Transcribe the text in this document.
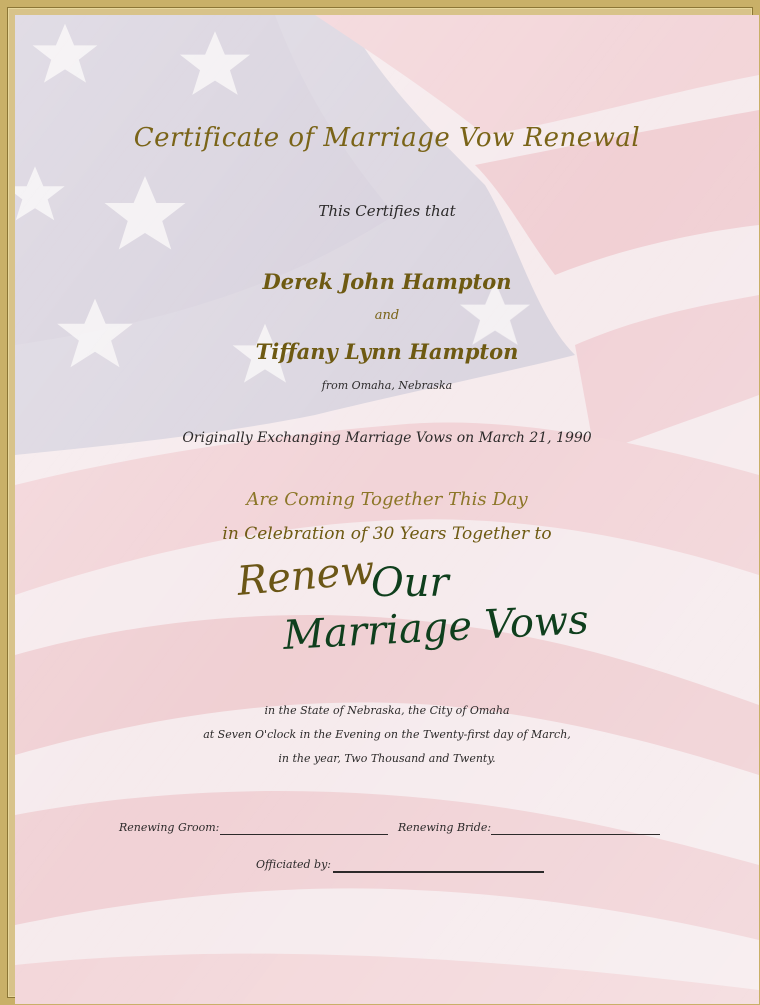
Certificate of Marriage Vow Renewal
This Certifies that
Derek John Hampton
and
Tiffany Lynn Hampton
from Omaha, Nebraska
Originally Exchanging Marriage Vows on March 21, 1990
Are Coming Together This Day
in Celebration of 30 Years Together to
Renew
Our
Marriage Vows
in the State of Nebraska, the City of Omaha
at Seven O'clock in the Evening on the Twenty-first day of March,
in the year, Two Thousand and Twenty.
Renewing Groom:	Renewing Bride:
Officiated by:
